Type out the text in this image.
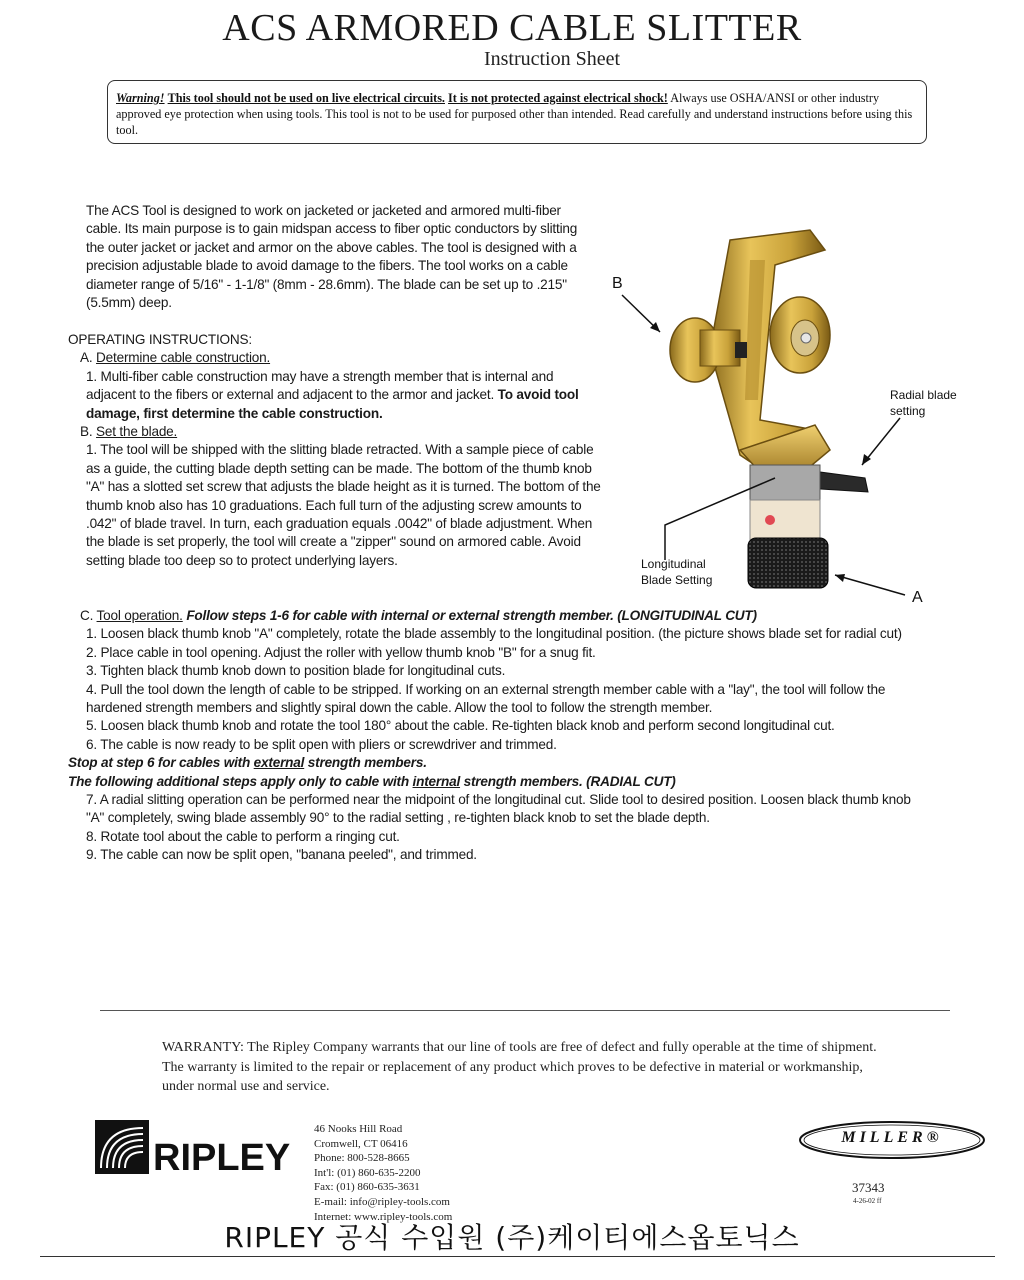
ACS ARMORED CABLE SLITTER
Instruction Sheet
Warning! This tool should not be used on live electrical circuits. It is not protected against electrical shock! Always use OSHA/ANSI or other industry approved eye protection when using tools. This tool is not to be used for purposed other than intended. Read carefully and understand instructions before using this tool.

The ACS Tool is designed to work on jacketed or jacketed and armored multi-fiber cable. Its main purpose is to gain midspan access to fiber optic conductors by slitting the outer jacket or jacket and armor on the above cables. The tool is designed with a precision adjustable blade to avoid damage to the fibers. The tool works on a cable diameter range of 5/16" - 1-1/8" (8mm - 28.6mm). The blade can be set up to .215"(5.5mm) deep.

OPERATING INSTRUCTIONS:

A. Determine cable construction.

1. Multi-fiber cable construction may have a strength member that is internal and adjacent to the fibers or external and adjacent to the armor and jacket. To avoid tool damage, first determine the cable construction.

B. Set the blade.

1. The tool will be shipped with the slitting blade retracted. With a sample piece of cable as a guide, the cutting blade depth setting can be made. The bottom of the thumb knob "A" has a slotted set screw that adjusts the blade height as it is turned. The bottom of the thumb knob also has 10 graduations. Each full turn of the adjusting screw amounts to .042" of blade travel. In turn, each graduation equals .0042" of blade adjustment. When the blade is set properly, the tool will create a "zipper" sound on armored cable. Avoid setting blade too deep so to protect underlying layers.

C. Tool operation. Follow steps 1-6 for cable with internal or external strength member. (LONGITUDINAL CUT)

1. Loosen black thumb knob "A" completely, rotate the blade assembly to the longitudinal position. (the picture shows blade set for radial cut)

2. Place cable in tool opening. Adjust the roller with yellow thumb knob "B" for a snug fit.

3. Tighten black thumb knob down to position blade for longitudinal cuts.

4. Pull the tool down the length of cable to be stripped. If working on an external strength member cable with a "lay", the tool will follow the hardened strength members and slightly spiral down the cable. Allow the tool to follow the strength member.

5. Loosen black thumb knob and rotate the tool 180° about the cable. Re-tighten black knob and perform second longitudinal cut.

6. The cable is now ready to be split open with pliers or screwdriver and trimmed.

Stop at step 6 for cables with external strength members.

The following additional steps apply only to cable with internal strength members. (RADIAL CUT)

7. A radial slitting operation can be performed near the midpoint of the longitudinal cut. Slide tool to desired position. Loosen black thumb knob "A" completely, swing blade assembly 90° to the radial setting , re-tighten black knob to set the blade depth.

8. Rotate tool about the cable to perform a ringing cut.

9. The cable can now be split open, "banana peeled", and trimmed.

B
A
Radial blade setting
Longitudinal Blade Setting
WARRANTY: The Ripley Company warrants that our line of tools are free of defect and fully operable at the time of shipment. The warranty is limited to the repair or replacement of any product which proves to be defective in material or workmanship, under normal use and service.
RIPLEY
46 Nooks Hill Road
Cromwell, CT 06416
Phone: 800-528-8665
Int'l: (01) 860-635-2200
Fax: (01) 860-635-3631
E-mail: info@ripley-tools.com
Internet: www.ripley-tools.com
MILLER®
37343
4-26-02 ff
RIPLEY 공식 수입원 (주)케이티에스옵토닉스
